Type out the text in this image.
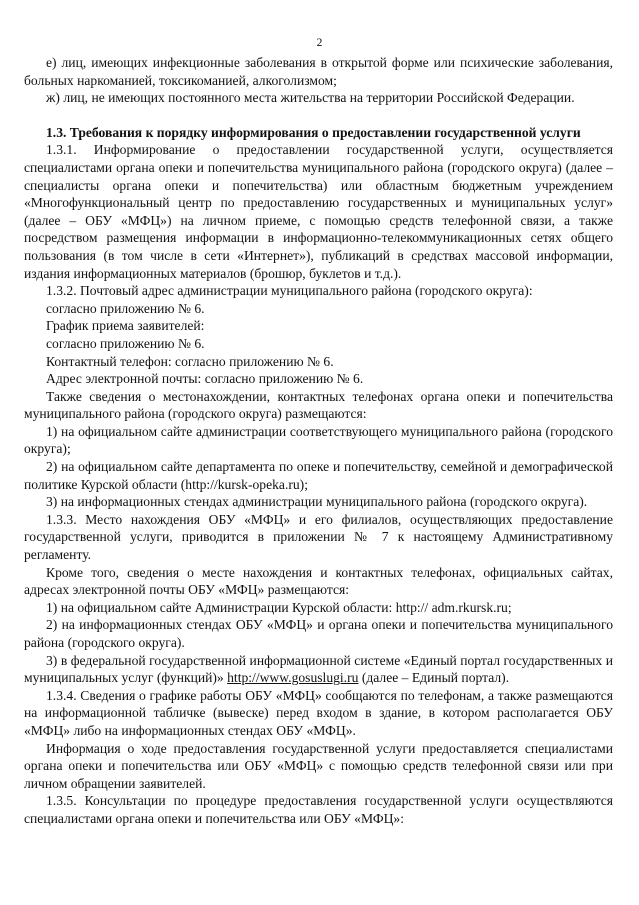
2

е) лиц, имеющих инфекционные заболевания в открытой форме или психические заболевания, больных наркоманией, токсикоманией, алкоголизмом;

ж) лиц, не имеющих постоянного места жительства на территории Российской Федерации.

1.3. Требования к порядку информирования о предоставлении государственной услуги

1.3.1. Информирование о предоставлении государственной услуги, осуществляется специалистами органа опеки и попечительства муниципального района (городского округа) (далее – специалисты органа опеки и попечительства) или областным бюджетным учреждением «Многофункциональный центр по предоставлению государственных и муниципальных услуг» (далее – ОБУ «МФЦ») на личном приеме, с помощью средств телефонной связи, а также посредством размещения информации в информационно-телекоммуникационных сетях общего пользования (в том числе в сети «Интернет»), публикаций в средствах массовой информации, издания информационных материалов (брошюр, буклетов и т.д.).

1.3.2. Почтовый адрес администрации муниципального района (городского округа):

согласно приложению № 6.

График приема заявителей:

согласно приложению № 6.

Контактный телефон: согласно приложению № 6.

Адрес электронной почты: согласно приложению № 6.

Также сведения о местонахождении, контактных телефонах органа опеки и попечительства муниципального района (городского округа) размещаются:

1) на официальном сайте администрации соответствующего муниципального района (городского округа);

2) на официальном сайте департамента по опеке и попечительству, семейной и демографической политике Курской области (http://kursk-opeka.ru);

3) на информационных стендах администрации муниципального района (городского округа).

1.3.3. Место нахождения ОБУ «МФЦ» и его филиалов, осуществляющих предоставление государственной услуги, приводится в приложении № 7 к настоящему Административному регламенту.

Кроме того, сведения о месте нахождения и контактных телефонах, официальных сайтах, адресах электронной почты ОБУ «МФЦ» размещаются:

1) на официальном сайте Администрации Курской области: http:// adm.rkursk.ru;

2) на информационных стендах ОБУ «МФЦ» и органа опеки и попечительства муниципального района (городского округа).

3) в федеральной государственной информационной системе «Единый портал государственных и муниципальных услуг (функций)» http://www.gosuslugi.ru (далее – Единый портал).

1.3.4. Сведения о графике работы ОБУ «МФЦ» сообщаются по телефонам, а также размещаются на информационной табличке (вывеске) перед входом в здание, в котором располагается ОБУ «МФЦ» либо на информационных стендах ОБУ «МФЦ».

Информация о ходе предоставления государственной услуги предоставляется специалистами органа опеки и попечительства или ОБУ «МФЦ» с помощью средств телефонной связи или при личном обращении заявителей.

1.3.5. Консультации по процедуре предоставления государственной услуги осуществляются специалистами органа опеки и попечительства или ОБУ «МФЦ»:
